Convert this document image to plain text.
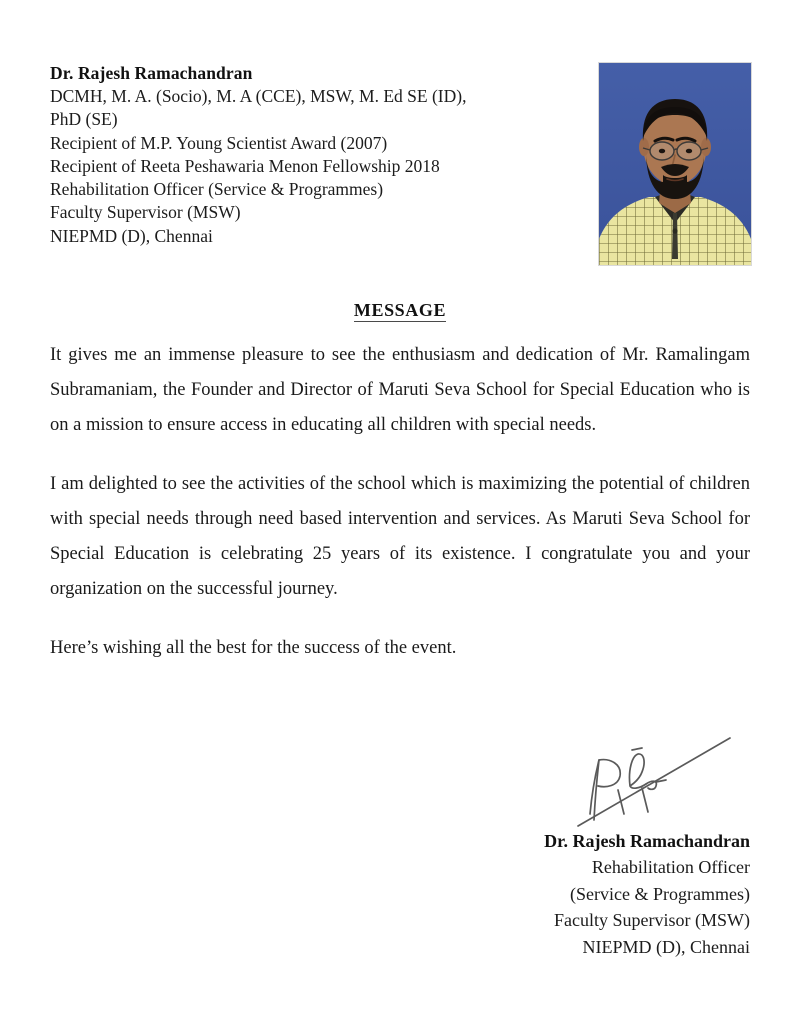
Dr. Rajesh Ramachandran
DCMH, M. A. (Socio), M. A (CCE), MSW, M. Ed SE (ID),
PhD (SE)
Recipient of M.P. Young Scientist Award (2007)
Recipient of Reeta Peshawaria Menon Fellowship 2018
Rehabilitation Officer (Service & Programmes)
Faculty Supervisor (MSW)
NIEPMD (D), Chennai
MESSAGE

It gives me an immense pleasure to see the enthusiasm and dedication of Mr. Ramalingam Subramaniam, the Founder and Director of Maruti Seva School for Special Education who is on a mission to ensure access in educating all children with special needs.

I am delighted to see the activities of the school which is maximizing the potential of children with special needs through need based intervention and services. As Maruti Seva School for Special Education is celebrating 25 years of its existence. I congratulate you and your organization on the successful journey.

Here’s wishing all the best for the success of the event.

Dr. Rajesh Ramachandran
Rehabilitation Officer
(Service & Programmes)
Faculty Supervisor (MSW)
NIEPMD (D), Chennai
